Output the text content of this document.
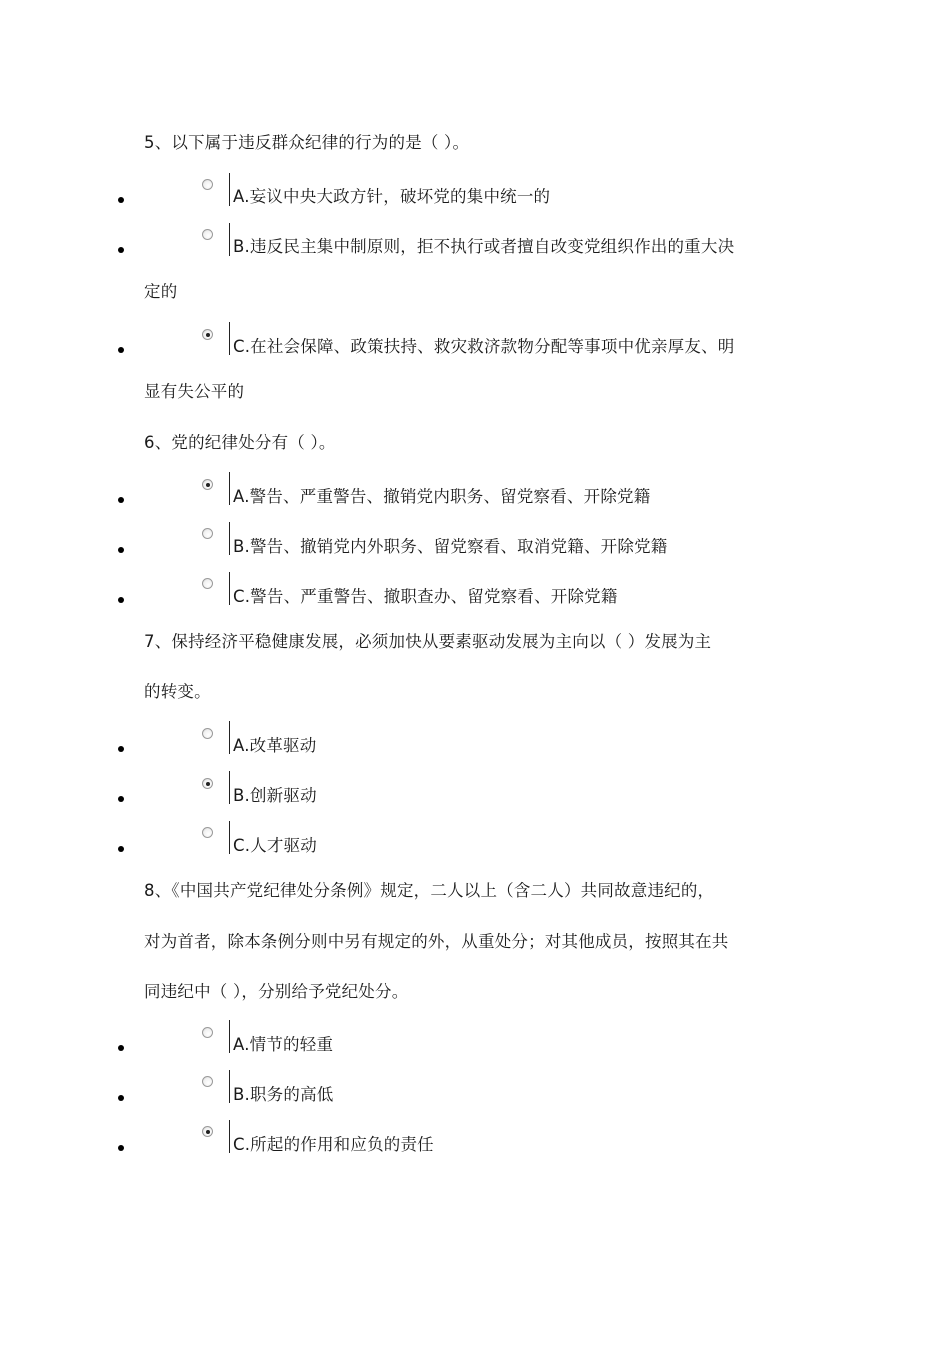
5、以下属于违反群众纪律的行为的是（ ）。
A.妄议中央大政方针，破坏党的集中统一的
B.违反民主集中制原则，拒不执行或者擅自改变党组织作出的重大决
定的
C.在社会保障、政策扶持、救灾救济款物分配等事项中优亲厚友、明
显有失公平的
6、党的纪律处分有（ ）。
A.警告、严重警告、撤销党内职务、留党察看、开除党籍
B.警告、撤销党内外职务、留党察看、取消党籍、开除党籍
C.警告、严重警告、撤职查办、留党察看、开除党籍
7、保持经济平稳健康发展，必须加快从要素驱动发展为主向以（ ）发展为主
的转变。
A.改革驱动
B.创新驱动
C.人才驱动
8、《中国共产党纪律处分条例》规定，二人以上（含二人）共同故意违纪的，
对为首者，除本条例分则中另有规定的外，从重处分；对其他成员，按照其在共
同违纪中（ ），分别给予党纪处分。
A.情节的轻重
B.职务的高低
C.所起的作用和应负的责任
